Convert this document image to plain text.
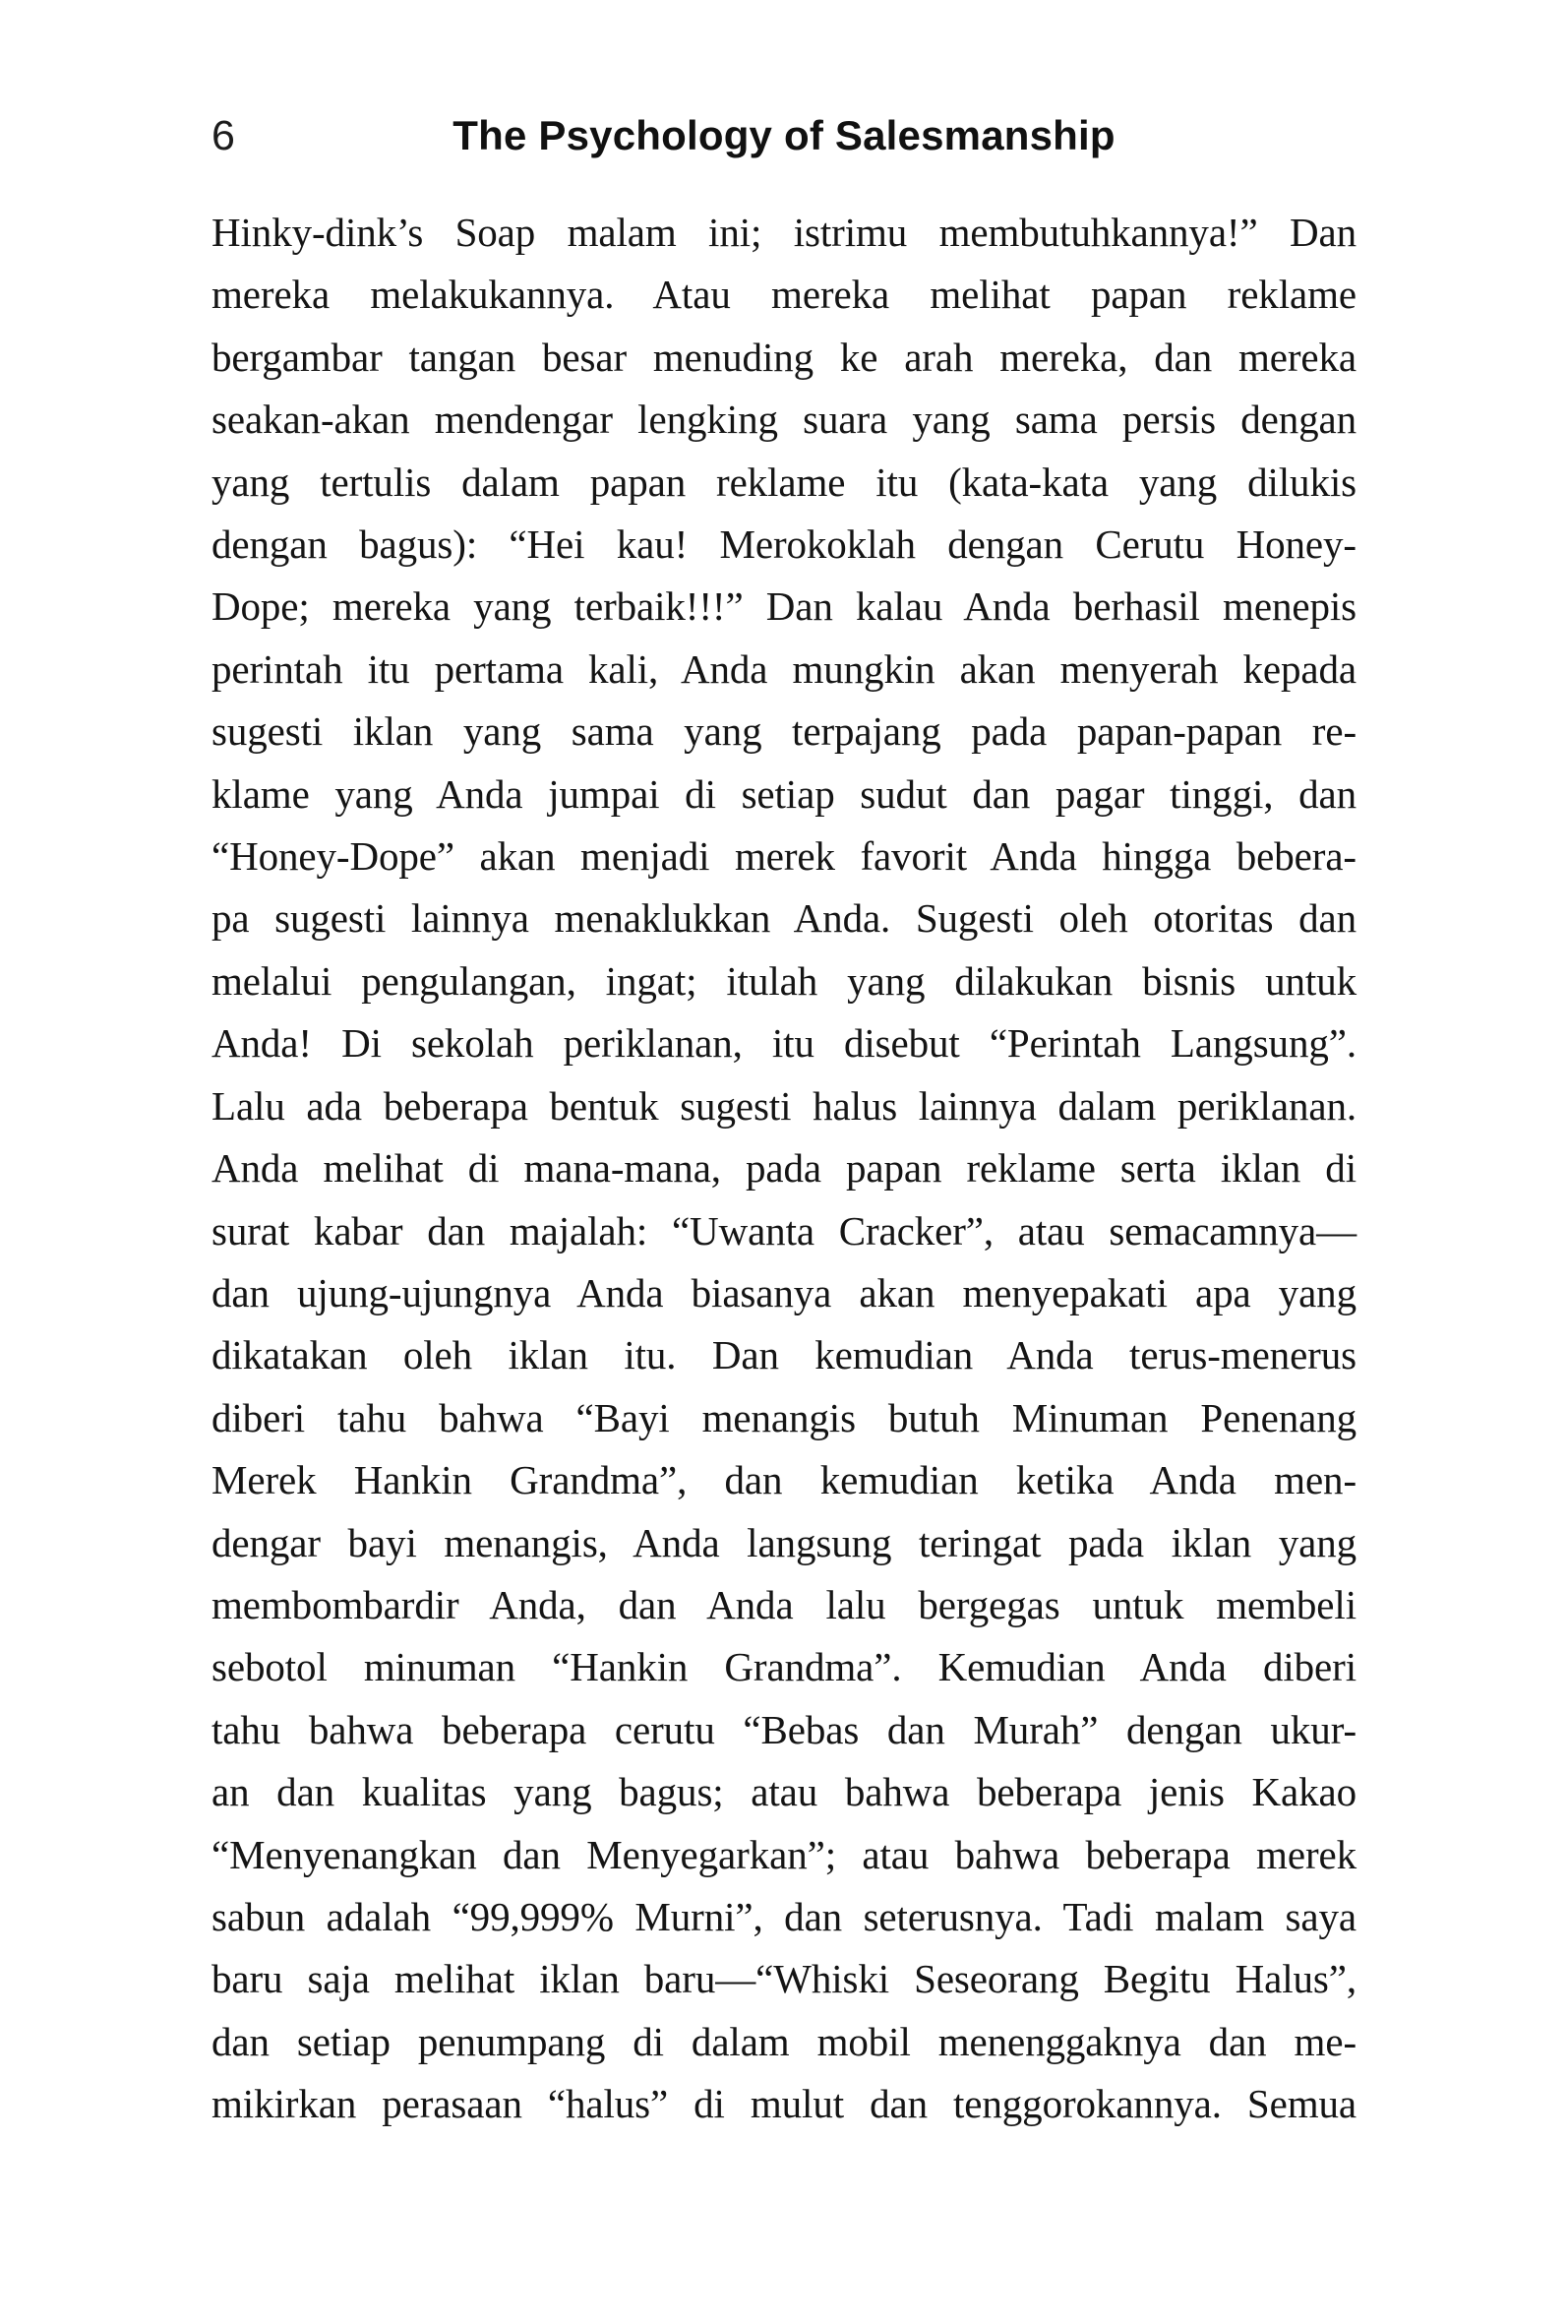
6	The Psychology of Salesmanship
Hinky-dink’s Soap malam ini; istrimu membutuhkannya!” Dan
mereka melakukannya. Atau mereka melihat papan reklame
bergambar tangan besar menuding ke arah mereka, dan mereka
seakan-akan mendengar lengking suara yang sama persis dengan
yang tertulis dalam papan reklame itu (kata-kata yang dilukis
dengan bagus): “Hei kau! Merokoklah dengan Cerutu Honey-
Dope; mereka yang terbaik!!!” Dan kalau Anda berhasil menepis
perintah itu pertama kali, Anda mungkin akan menyerah kepada
sugesti iklan yang sama yang terpajang pada papan-papan re-
klame yang Anda jumpai di setiap sudut dan pagar tinggi, dan
“Honey-Dope” akan menjadi merek favorit Anda hingga bebera-
pa sugesti lainnya menaklukkan Anda. Sugesti oleh otoritas dan
melalui pengulangan, ingat; itulah yang dilakukan bisnis untuk
Anda! Di sekolah periklanan, itu disebut “Perintah Langsung”.
Lalu ada beberapa bentuk sugesti halus lainnya dalam periklanan.
Anda melihat di mana-mana, pada papan reklame serta iklan di
surat kabar dan majalah: “Uwanta Cracker”, atau semacamnya—
dan ujung-ujungnya Anda biasanya akan menyepakati apa yang
dikatakan oleh iklan itu. Dan kemudian Anda terus-menerus
diberi tahu bahwa “Bayi menangis butuh Minuman Penenang
Merek Hankin Grandma”, dan kemudian ketika Anda men-
dengar bayi menangis, Anda langsung teringat pada iklan yang
membombardir Anda, dan Anda lalu bergegas untuk membeli
sebotol minuman “Hankin Grandma”. Kemudian Anda diberi
tahu bahwa beberapa cerutu “Bebas dan Murah” dengan ukur-
an dan kualitas yang bagus; atau bahwa beberapa jenis Kakao
“Menyenangkan dan Menyegarkan”; atau bahwa beberapa merek
sabun adalah “99,999% Murni”, dan seterusnya. Tadi malam saya
baru saja melihat iklan baru—“Whiski Seseorang Begitu Halus”,
dan setiap penumpang di dalam mobil menenggaknya dan me-
mikirkan perasaan “halus” di mulut dan tenggorokannya. Semua
